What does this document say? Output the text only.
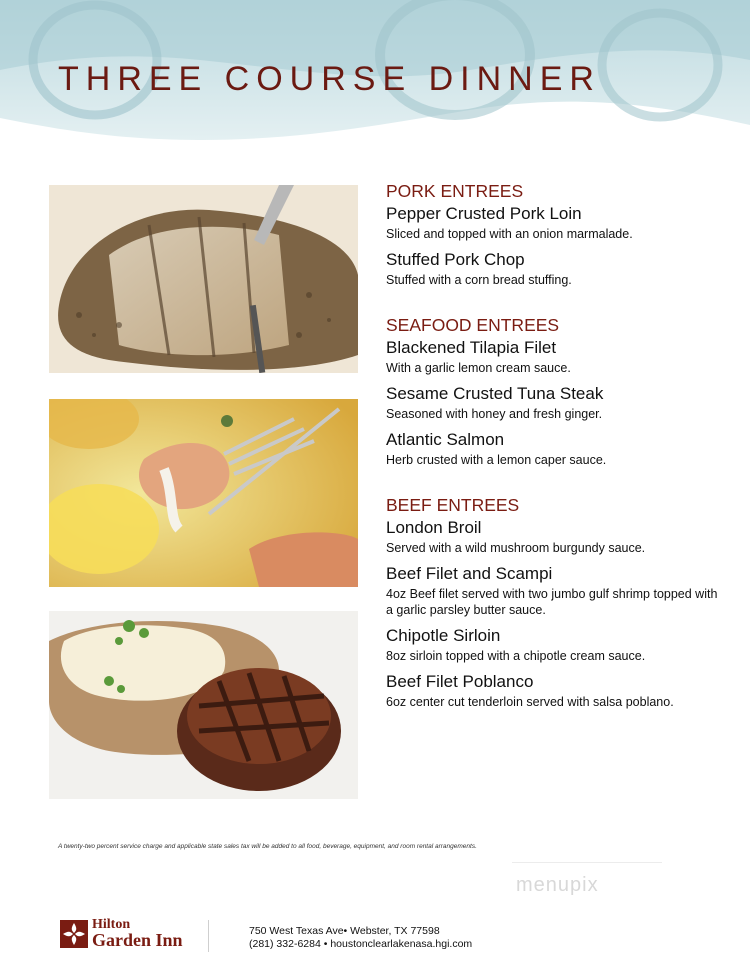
THREE COURSE DINNER
PORK ENTREES

Pepper Crusted Pork Loin

Sliced and topped with an onion marmalade.

Stuffed Pork Chop

Stuffed with a corn bread stuffing.

SEAFOOD ENTREES

Blackened Tilapia Filet

With a garlic lemon cream sauce.

Sesame Crusted Tuna Steak

Seasoned with honey and fresh ginger.

Atlantic Salmon

Herb crusted with a lemon caper sauce.

BEEF ENTREES

London Broil

Served with a wild mushroom burgundy sauce.

Beef Filet and Scampi

4oz Beef filet served with two jumbo gulf shrimp topped with a garlic parsley butter sauce.

Chipotle Sirloin

8oz sirloin topped with a chipotle cream sauce.

Beef Filet Poblanco

6oz center cut tenderloin served with salsa poblano.

A twenty-two percent service charge and applicable state sales tax will be added to all food, beverage, equipment, and room rental arrangements.

menupix

Hilton

Garden Inn	750 West Texas Ave• Webster, TX 77598
(281) 332-6284 • houstonclearlakenasa.hgi.com
